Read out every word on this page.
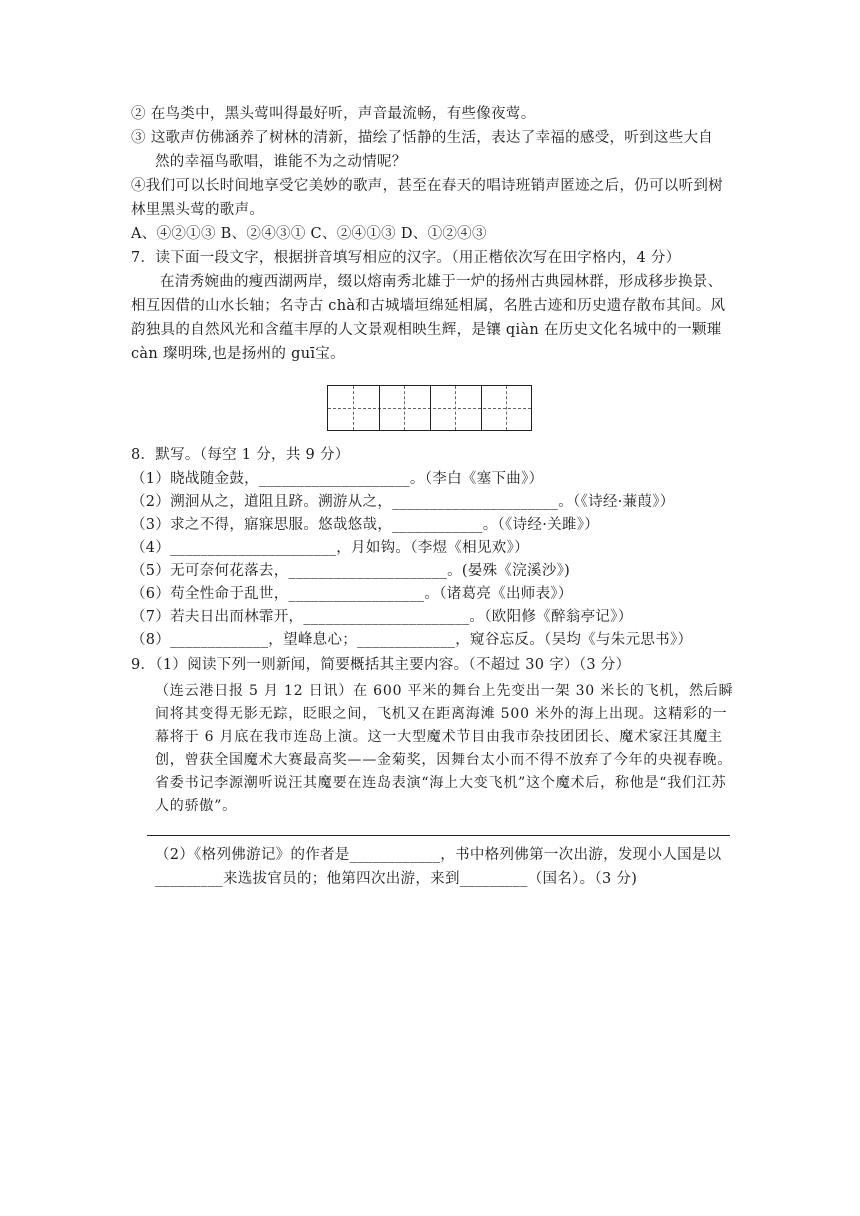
② 在鸟类中，黑头莺叫得最好听，声音最流畅，有些像夜莺。
③ 这歌声仿佛涵养了树林的清新，描绘了恬静的生活，表达了幸福的感受，听到这些大自
然的幸福鸟歌唱，谁能不为之动情呢？
④我们可以长时间地享受它美妙的歌声，甚至在春天的唱诗班销声匿迹之后，仍可以听到树
林里黑头莺的歌声。
A、④②①③ B、②④③① C、②④①③ D、①②④③
7．读下面一段文字，根据拼音填写相应的汉字。（用正楷依次写在田字格内，4 分）
在清秀婉曲的瘦西湖两岸，缀以熔南秀北雄于一炉的扬州古典园林群，形成移步换景、
相互因借的山水长轴；名寺古 chà和古城墙垣绵延相属，名胜古迹和历史遗存散布其间。风
韵独具的自然风光和含蕴丰厚的人文景观相映生辉，是镶 qiàn 在历史文化名城中的一颗璀
càn 璨明珠,也是扬州的 guī宝。
8．默写。（每空 1 分，共 9 分）
（1）晓战随金鼓，____________________。（李白《塞下曲》）
（2）溯洄从之，道阻且跻。溯游从之，______________________。（《诗经·蒹葭》）
（3）求之不得，寤寐思服。悠哉悠哉，____________。（《诗经·关雎》）
（4）______________________，月如钩。（李煜《相见欢》）
（5）无可奈何花落去，_____________________。(晏殊《浣溪沙》)
（6）苟全性命于乱世，__________________。（诸葛亮《出师表》）
（7）若夫日出而林霏开，______________________。（欧阳修《醉翁亭记》）
（8）_____________，望峰息心；_____________，窥谷忘反。（吴均《与朱元思书》）
9．（1）阅读下列一则新闻，简要概括其主要内容。（不超过 30 字）（3 分）
（连云港日报 5 月 12 日讯）在 600 平米的舞台上先变出一架 30 米长的飞机，然后瞬间将其变得无影无踪，眨眼之间，飞机又在距离海滩 500 米外的海上出现。这精彩的一幕将于 6 月底在我市连岛上演。这一大型魔术节目由我市杂技团团长、魔术家汪其魔主创，曾获全国魔术大赛最高奖——金菊奖，因舞台太小而不得不放弃了今年的央视春晚。省委书记李源潮听说汪其魔要在连岛表演“海上大变飞机”这个魔术后，称他是“我们江苏人的骄傲”。
（2）《格列佛游记》的作者是____________，书中格列佛第一次出游，发现小人国是以
_________来选拔官员的；他第四次出游，来到_________（国名）。（3 分)
